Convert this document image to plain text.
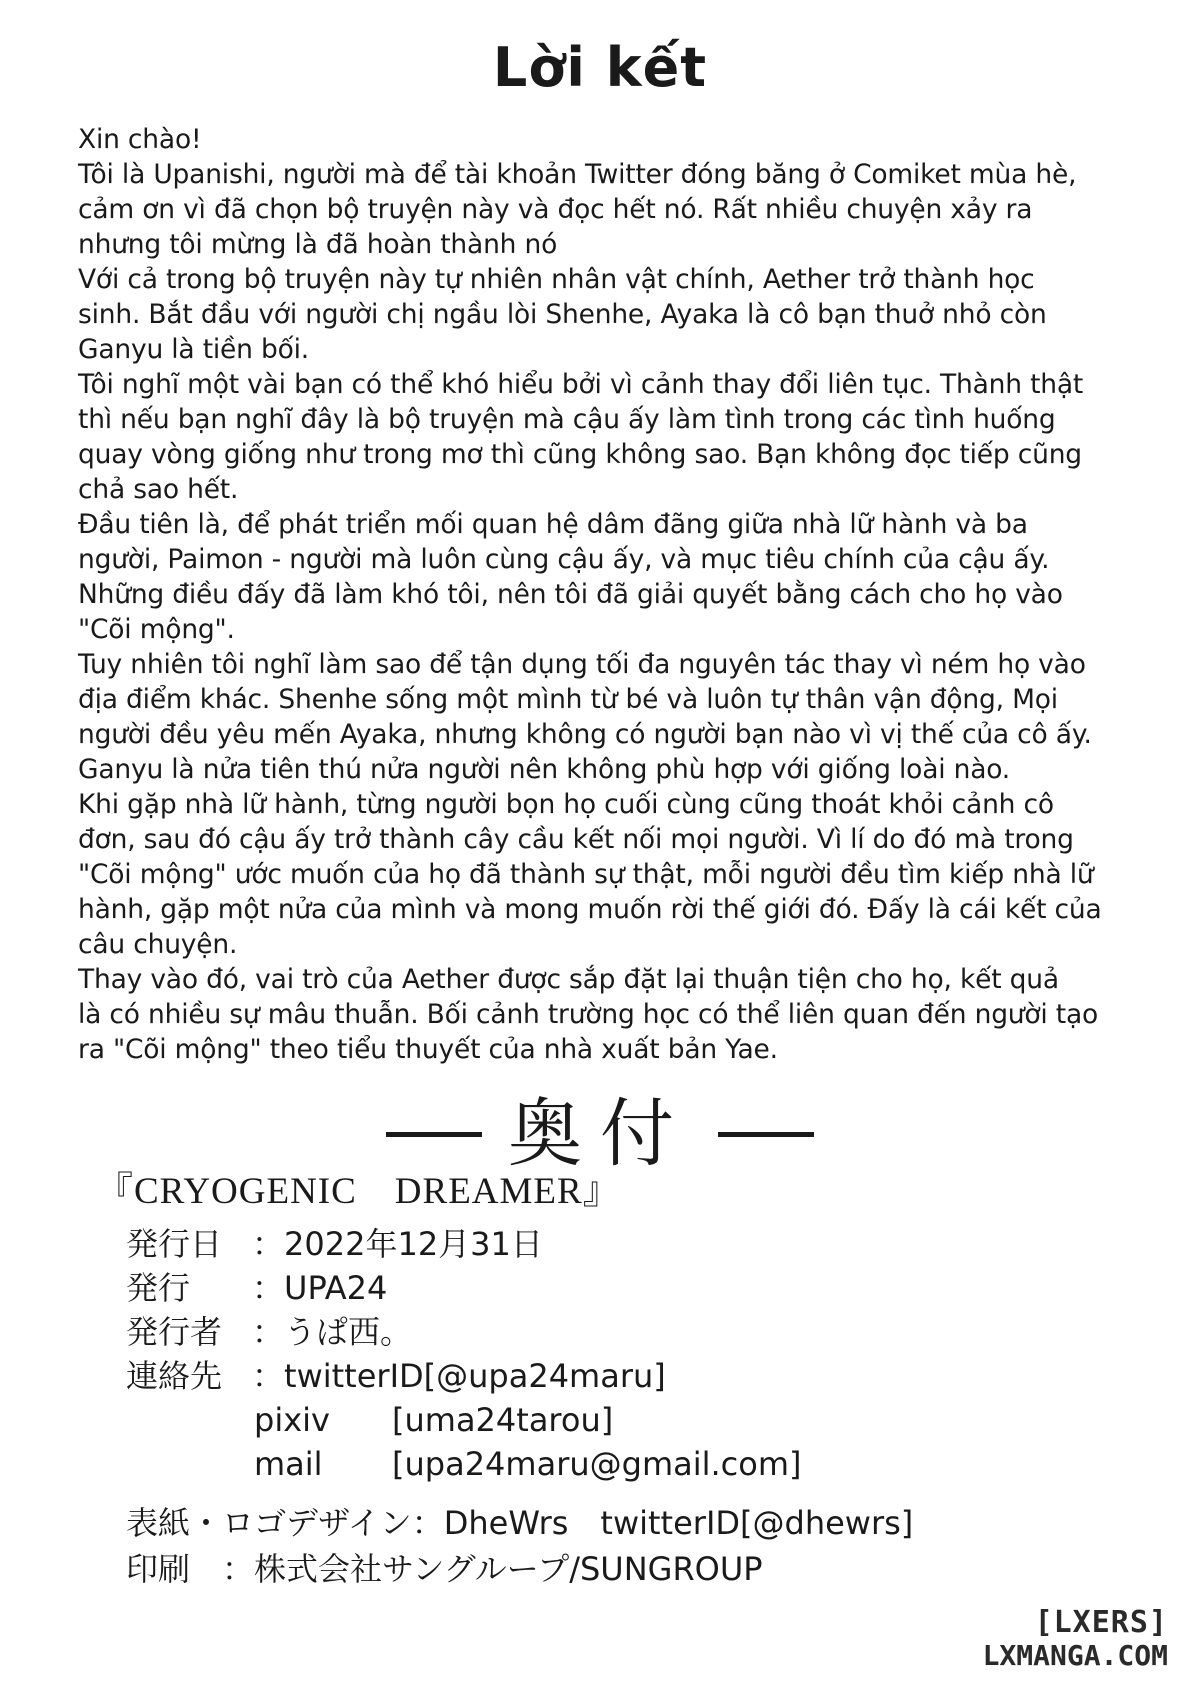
Lời kết
Xin chào!
Tôi là Upanishi, người mà để tài khoản Twitter đóng băng ở Comiket mùa hè,
cảm ơn vì đã chọn bộ truyện này và đọc hết nó. Rất nhiều chuyện xảy ra
nhưng tôi mừng là đã hoàn thành nó
Với cả trong bộ truyện này tự nhiên nhân vật chính, Aether trở thành học
sinh. Bắt đầu với người chị ngầu lòi Shenhe, Ayaka là cô bạn thuở nhỏ còn
Ganyu là tiền bối.
Tôi nghĩ một vài bạn có thể khó hiểu bởi vì cảnh thay đổi liên tục. Thành thật
thì nếu bạn nghĩ đây là bộ truyện mà cậu ấy làm tình trong các tình huống
quay vòng giống như trong mơ thì cũng không sao. Bạn không đọc tiếp cũng
chả sao hết.
Đầu tiên là, để phát triển mối quan hệ dâm đãng giữa nhà lữ hành và ba
người, Paimon - người mà luôn cùng cậu ấy, và mục tiêu chính của cậu ấy.
Những điều đấy đã làm khó tôi, nên tôi đã giải quyết bằng cách cho họ vào
"Cõi mộng".
Tuy nhiên tôi nghĩ làm sao để tận dụng tối đa nguyên tác thay vì ném họ vào
địa điểm khác. Shenhe sống một mình từ bé và luôn tự thân vận động, Mọi
người đều yêu mến Ayaka, nhưng không có người bạn nào vì vị thế của cô ấy.
Ganyu là nửa tiên thú nửa người nên không phù hợp với giống loài nào.
Khi gặp nhà lữ hành, từng người bọn họ cuối cùng cũng thoát khỏi cảnh cô
đơn, sau đó cậu ấy trở thành cây cầu kết nối mọi người. Vì lí do đó mà trong
"Cõi mộng" ước muốn của họ đã thành sự thật, mỗi người đều tìm kiếp nhà lữ
hành, gặp một nửa của mình và mong muốn rời thế giới đó. Đấy là cái kết của
câu chuyện.
Thay vào đó, vai trò của Aether được sắp đặt lại thuận tiện cho họ, kết quả
là có nhiều sự mâu thuẫn. Bối cảnh trường học có thể liên quan đến người tạo
ra "Cõi mộng" theo tiểu thuyết của nhà xuất bản Yae.
奥付
『CRYOGENIC　DREAMER』
発行日 ： 2022年12月31日
発行	： UPA24
発行者 ： うぱ西。
連絡先 ： twitterID[@upa24maru]
pixiv	[uma24tarou]
mail	[upa24maru@gmail.com]
表紙・ロゴデザイン：DheWrs　twitterID[@dhewrs]
印刷　：株式会社サングループ/SUNGROUP
[LXERS]
LXMANGA.COM
